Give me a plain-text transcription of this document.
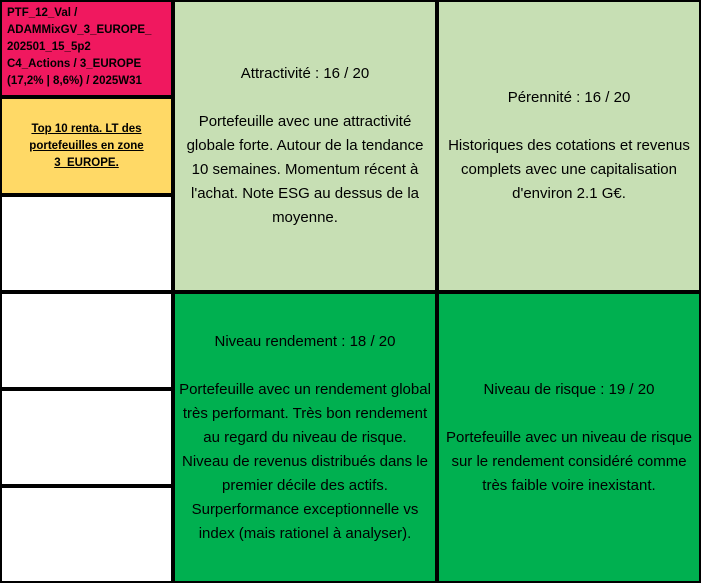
PTF_12_Val /
ADAMMixGV_3_EUROPE_
202501_15_5p2
C4_Actions / 3_EUROPE
(17,2% | 8,6%) / 2025W31
Top 10 renta. LT des portefeuilles en zone 3_EUROPE.
Attractivité : 16 / 20
Portefeuille avec une attractivité globale forte. Autour de la tendance 10 semaines. Momentum récent à l'achat. Note ESG au dessus de la moyenne.
Pérennité : 16 / 20
Historiques des cotations et revenus complets avec une capitalisation d'environ 2.1 G€.
Niveau rendement : 18 / 20
Portefeuille avec un rendement global très performant. Très bon rendement au regard du niveau de risque. Niveau de revenus distribués dans le premier décile des actifs. Surperformance exceptionnelle vs index (mais rationel à analyser).
Niveau de risque : 19 / 20
Portefeuille avec un niveau de risque sur le rendement considéré comme très faible voire inexistant.
